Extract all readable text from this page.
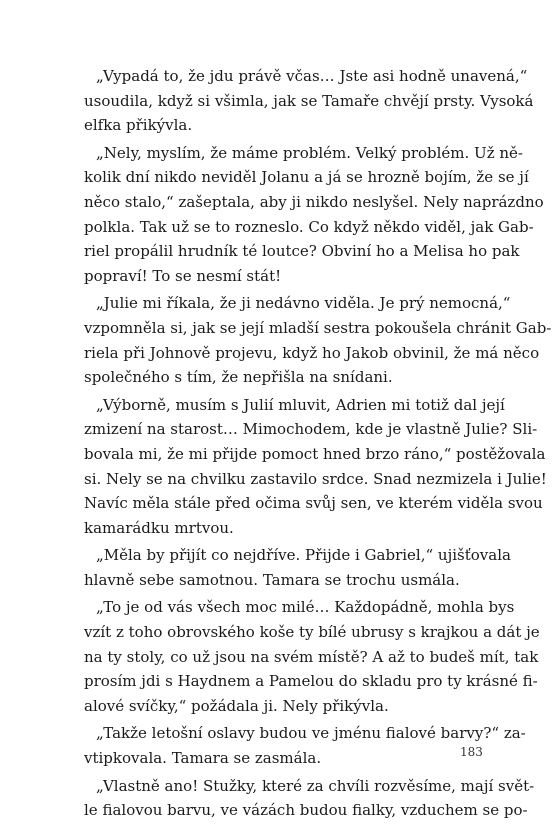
„Vypadá to, že jdu právě včas… Jste asi hodně unavená,“
usoudila, když si všimla, jak se Tamaře chvějí prsty. Vysoká
elfka přikývla.

„Nely, myslím, že máme problém. Velký problém. Už ně-
kolik dní nikdo neviděl Jolanu a já se hrozně bojím, že se jí
něco stalo,“ zašeptala, aby ji nikdo neslyšel. Nely naprázdno
polkla. Tak už se to rozneslo. Co když někdo viděl, jak Gab-
riel propálil hrudník té loutce? Obviní ho a Melisa ho pak
popraví! To se nesmí stát!

„Julie mi říkala, že ji nedávno viděla. Je prý nemocná,“
vzpomněla si, jak se její mladší sestra pokoušela chránit Gab-
riela při Johnově projevu, když ho Jakob obvinil, že má něco
společného s tím, že nepřišla na snídani.

„Výborně, musím s Julií mluvit, Adrien mi totiž dal její
zmizení na starost… Mimochodem, kde je vlastně Julie? Sli-
bovala mi, že mi přijde pomoct hned brzo ráno,“ postěžovala
si. Nely se na chvilku zastavilo srdce. Snad nezmizela i Julie!
Navíc měla stále před očima svůj sen, ve kterém viděla svou
kamarádku mrtvou.

„Měla by přijít co nejdříve. Přijde i Gabriel,“ ujišťovala
hlavně sebe samotnou. Tamara se trochu usmála.

„To je od vás všech moc milé… Každopádně, mohla bys
vzít z toho obrovského koše ty bílé ubrusy s krajkou a dát je
na ty stoly, co už jsou na svém místě? A až to budeš mít, tak
prosím jdi s Haydnem a Pamelou do skladu pro ty krásné fi-
alové svíčky,“ požádala ji. Nely přikývla.

„Takže letošní oslavy budou ve jménu fialové barvy?“ za-
vtipkovala. Tamara se zasmála.

„Vlastně ano! Stužky, které za chvíli rozvěsíme, mají svět-
le fialovou barvu, ve vázách budou fialky, vzduchem se po-

183
